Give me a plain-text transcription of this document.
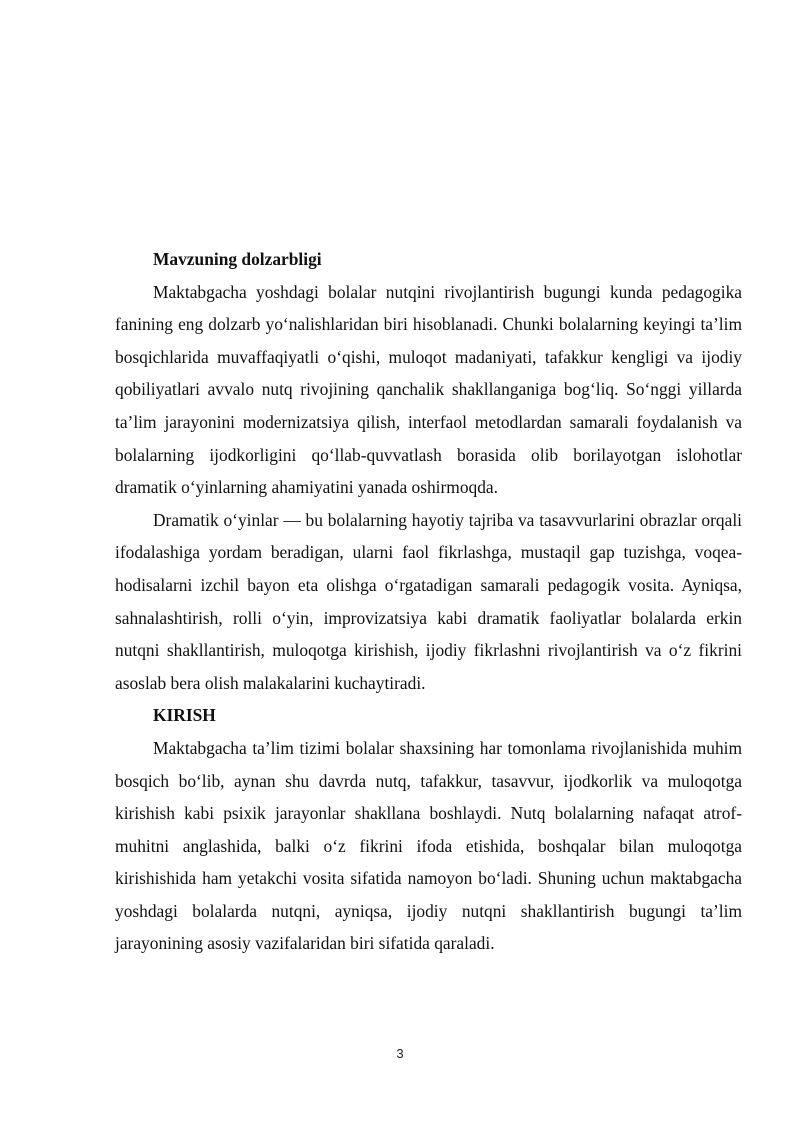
Mavzuning dolzarbligi

Maktabgacha yoshdagi bolalar nutqini rivojlantirish bugungi kunda pedagogika fanining eng dolzarb yo‘nalishlaridan biri hisoblanadi. Chunki bolalarning keyingi ta’lim bosqichlarida muvaffaqiyatli o‘qishi, muloqot madaniyati, tafakkur kengligi va ijodiy qobiliyatlari avvalo nutq rivojining qanchalik shakllanganiga bog‘liq. So‘nggi yillarda ta’lim jarayonini modernizatsiya qilish, interfaol metodlardan samarali foydalanish va bolalarning ijodkorligini qo‘llab-quvvatlash borasida olib borilayotgan islohotlar dramatik o‘yinlarning ahamiyatini yanada oshirmoqda.

Dramatik o‘yinlar — bu bolalarning hayotiy tajriba va tasavvurlarini obrazlar orqali ifodalashiga yordam beradigan, ularni faol fikrlashga, mustaqil gap tuzishga, voqea-hodisalarni izchil bayon eta olishga o‘rgatadigan samarali pedagogik vosita. Ayniqsa, sahnalashtirish, rolli o‘yin, improvizatsiya kabi dramatik faoliyatlar bolalarda erkin nutqni shakllantirish, muloqotga kirishish, ijodiy fikrlashni rivojlantirish va o‘z fikrini asoslab bera olish malakalarini kuchaytiradi.

KIRISH

Maktabgacha ta’lim tizimi bolalar shaxsining har tomonlama rivojlanishida muhim bosqich bo‘lib, aynan shu davrda nutq, tafakkur, tasavvur, ijodkorlik va muloqotga kirishish kabi psixik jarayonlar shakllana boshlaydi. Nutq bolalarning nafaqat atrof-muhitni anglashida, balki o‘z fikrini ifoda etishida, boshqalar bilan muloqotga kirishishida ham yetakchi vosita sifatida namoyon bo‘ladi. Shuning uchun maktabgacha yoshdagi bolalarda nutqni, ayniqsa, ijodiy nutqni shakllantirish bugungi ta’lim jarayonining asosiy vazifalaridan biri sifatida qaraladi.

3
